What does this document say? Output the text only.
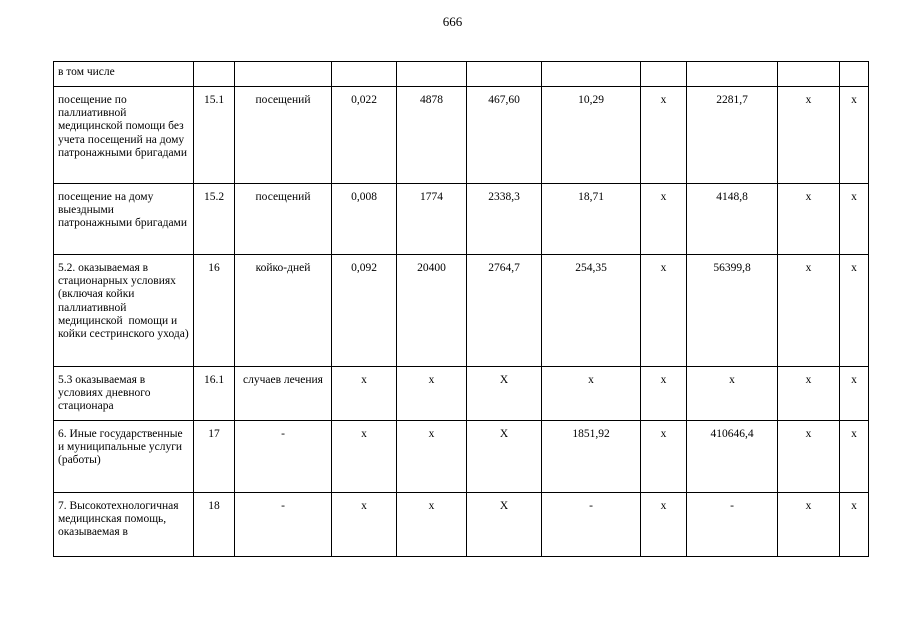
666
в том числе										
посещение по паллиативной медицинской помощи без учета посещений на дому патронажными бригадами	15.1	посещений	0,022	4878	467,60	10,29	х	2281,7	х	х
посещение на дому выездными патронажными бригадами	15.2	посещений	0,008	1774	2338,3	18,71	х	4148,8	х	х
5.2. оказываемая в стационарных условиях (включая койки паллиативной медицинской  помощи и койки сестринского ухода)	16	койко-дней	0,092	20400	2764,7	254,35	х	56399,8	х	х
5.3 оказываемая в условиях дневного стационара	16.1	случаев лечения	х	х	Х	х	х	х	х	х
6. Иные государственные и муниципальные услуги (работы)	17	-	х	х	Х	1851,92	х	410646,4	х	х
7. Высокотехнологичная медицинская помощь, оказываемая в	18	-	х	х	Х	-	х	-	х	х
